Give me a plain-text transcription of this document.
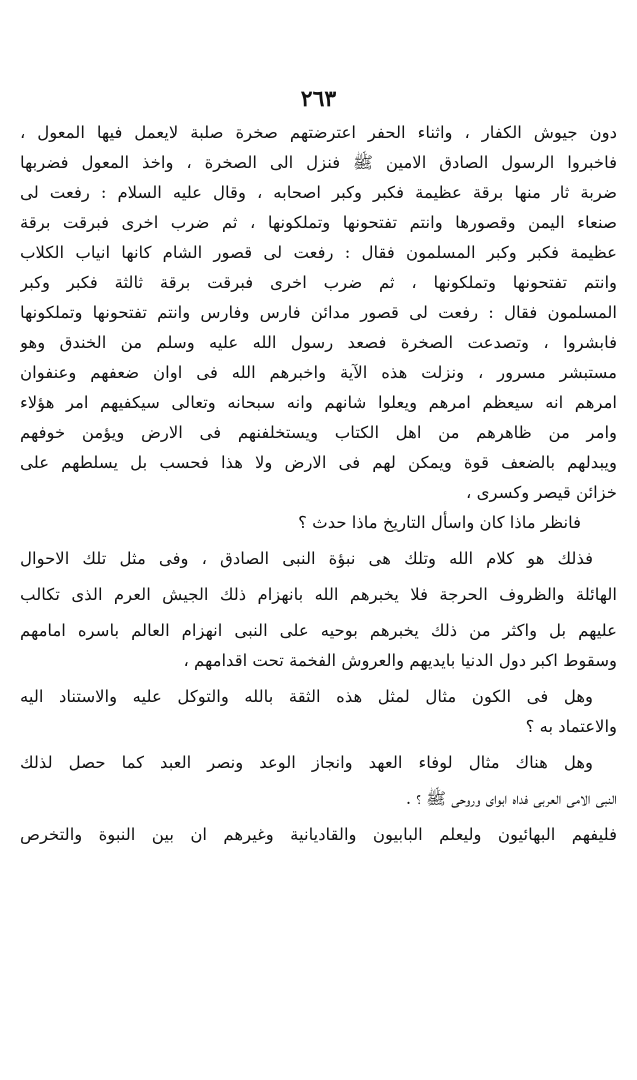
٢٦٣
دون جيوش الكفار ، واثناء الحفر اعترضتهم صخرة صلبة لايعمل فيها المعول ،
فاخبروا الرسول الصادق الامين ﷺ فنزل الى الصخرة ، واخذ المعول فضربها
ضربة ثار منها برقة عظيمة فكبر وكبر اصحابه ، وقال عليه السلام : رفعت لى
صنعاء اليمن وقصورها وانتم تفتحونها وتملكونها ، ثم ضرب اخرى فبرقت برقة
عظيمة فكبر وكبر المسلمون فقال : رفعت لى قصور الشام كانها انياب الكلاب
وانتم تفتحونها وتملكونها ، ثم ضرب اخرى فبرقت برقة ثالثة فكبر وكبر
المسلمون فقال : رفعت لى قصور مدائن فارس وفارس وانتم تفتحونها وتملكونها
فابشروا ، وتصدعت الصخرة فصعد رسول الله عليه وسلم من الخندق وهو
مستبشر مسرور ، ونزلت هذه الآية واخبرهم الله فى اوان ضعفهم وعنفوان
امرهم انه سيعظم امرهم ويعلوا شانهم وانه سبحانه وتعالى سيكفيهم امر هؤلاء
وامر من ظاهرهم من اهل الكتاب ويستخلفنهم فى الارض ويؤمن خوفهم
ويبدلهم بالضعف قوة ويمكن لهم فى الارض ولا هذا فحسب بل يسلطهم على
خزائن قيصر وكسرى ،
فانظر ماذا كان واسأل التاريخ ماذا حدث ؟
فذلك هو كلام الله وتلك هى نبؤة النبى الصادق ، وفى مثل تلك الاحوال
الهائلة والظروف الحرجة فلا يخبرهم الله بانهزام ذلك الجيش العرم الذى تكالب
عليهم بل واكثر من ذلك يخبرهم بوحيه على النبى انهزام العالم باسره امامهم
وسقوط اكبر دول الدنيا بايديهم والعروش الفخمة تحت اقدامهم ،
وهل فى الكون مثال لمثل هذه الثقة بالله والتوكل عليه والاستناد اليه
والاعتماد به ؟
وهل هناك مثال لوفاء العهد وانجاز الوعد ونصر العبد كما حصل لذلك
النبى الامى العربى فداه ابواى وروحى ﷺ ؟ .
فليفهم البهائيون وليعلم البابيون والقاديانية وغيرهم ان بين النبوة والتخرص
